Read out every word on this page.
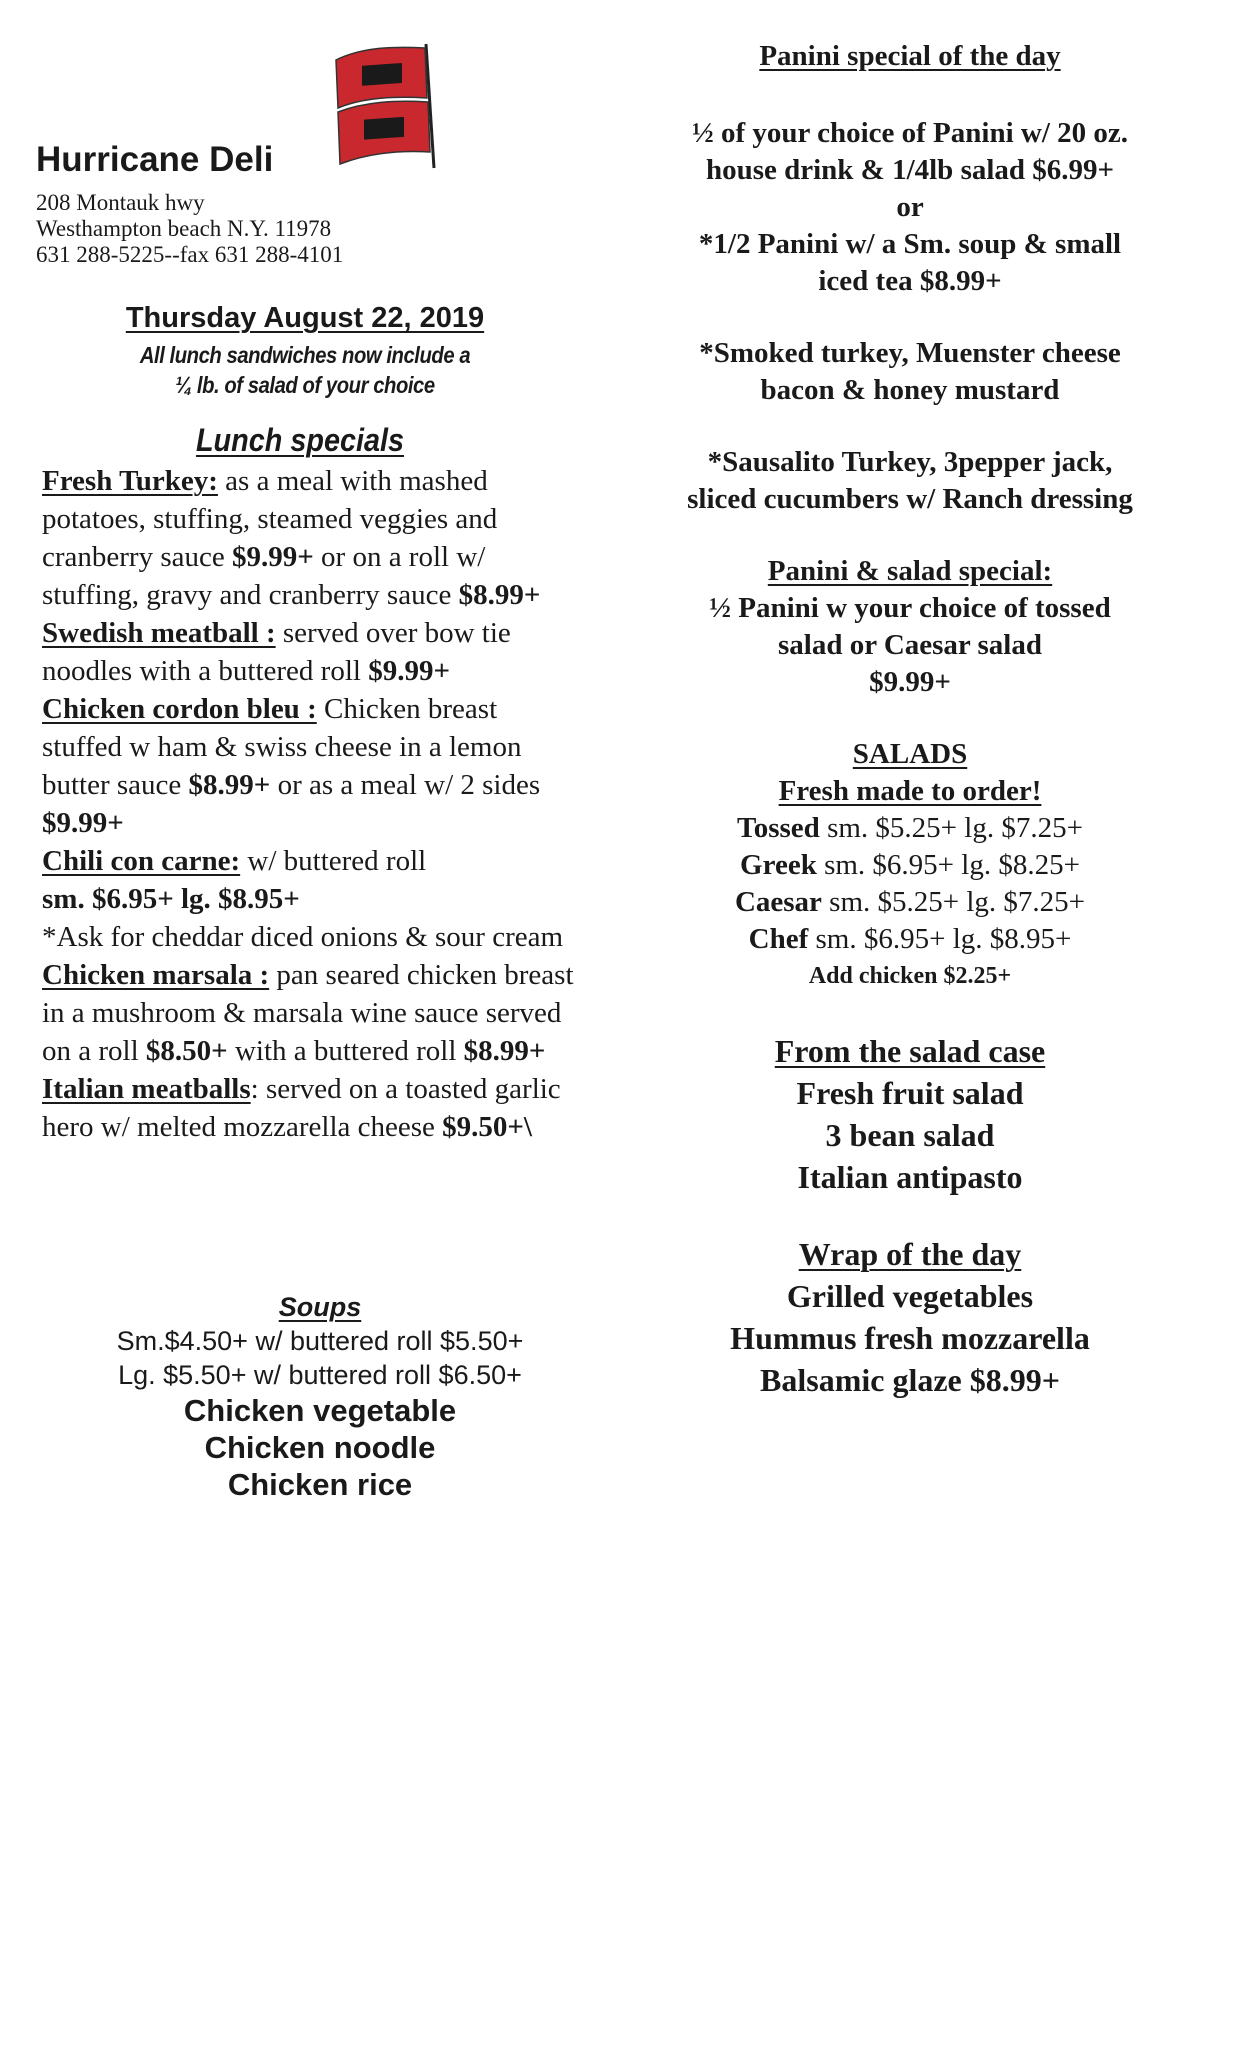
Hurricane Deli
208 Montauk hwy
Westhampton beach N.Y. 11978
631 288-5225--fax 631 288-4101
Thursday August 22, 2019
All lunch sandwiches now include a
¼ lb. of salad of your choice
Lunch specials

Fresh Turkey: as a meal with mashed potatoes, stuffing, steamed veggies and cranberry sauce $9.99+ or on a roll w/ stuffing, gravy and cranberry sauce $8.99+

Swedish meatball : served over bow tie noodles with a buttered roll $9.99+

Chicken cordon bleu : Chicken breast stuffed w ham & swiss cheese in a lemon butter sauce $8.99+ or as a meal w/ 2 sides $9.99+

Chili con carne: w/ buttered roll
sm. $6.95+ lg. $8.95+
*Ask for cheddar diced onions & sour cream

Chicken marsala : pan seared chicken breast in a mushroom & marsala wine sauce served on a roll $8.50+ with a buttered roll $8.99+

Italian meatballs: served on a toasted garlic hero w/ melted mozzarella cheese $9.50+\

Soups
Sm.$4.50+ w/ buttered roll $5.50+
Lg. $5.50+ w/ buttered roll $6.50+
Chicken vegetable
Chicken noodle
Chicken rice

Panini special of the day

½ of your choice of Panini w/ 20 oz.

house drink & 1/4lb salad $6.99+

or

*1/2 Panini w/ a Sm. soup & small

iced tea $8.99+

*Smoked turkey, Muenster cheese

bacon & honey mustard

*Sausalito Turkey, 3pepper jack,

sliced cucumbers w/ Ranch dressing

Panini & salad special:

½ Panini w your choice of tossed

salad or Caesar salad

$9.99+

SALADS

Fresh made to order!

Tossed sm. $5.25+ lg. $7.25+

Greek sm. $6.95+ lg. $8.25+

Caesar sm. $5.25+ lg. $7.25+

Chef sm. $6.95+ lg. $8.95+

Add chicken $2.25+

From the salad case

Fresh fruit salad

3 bean salad

Italian antipasto

Wrap of the day

Grilled vegetables

Hummus fresh mozzarella

Balsamic glaze $8.99+
